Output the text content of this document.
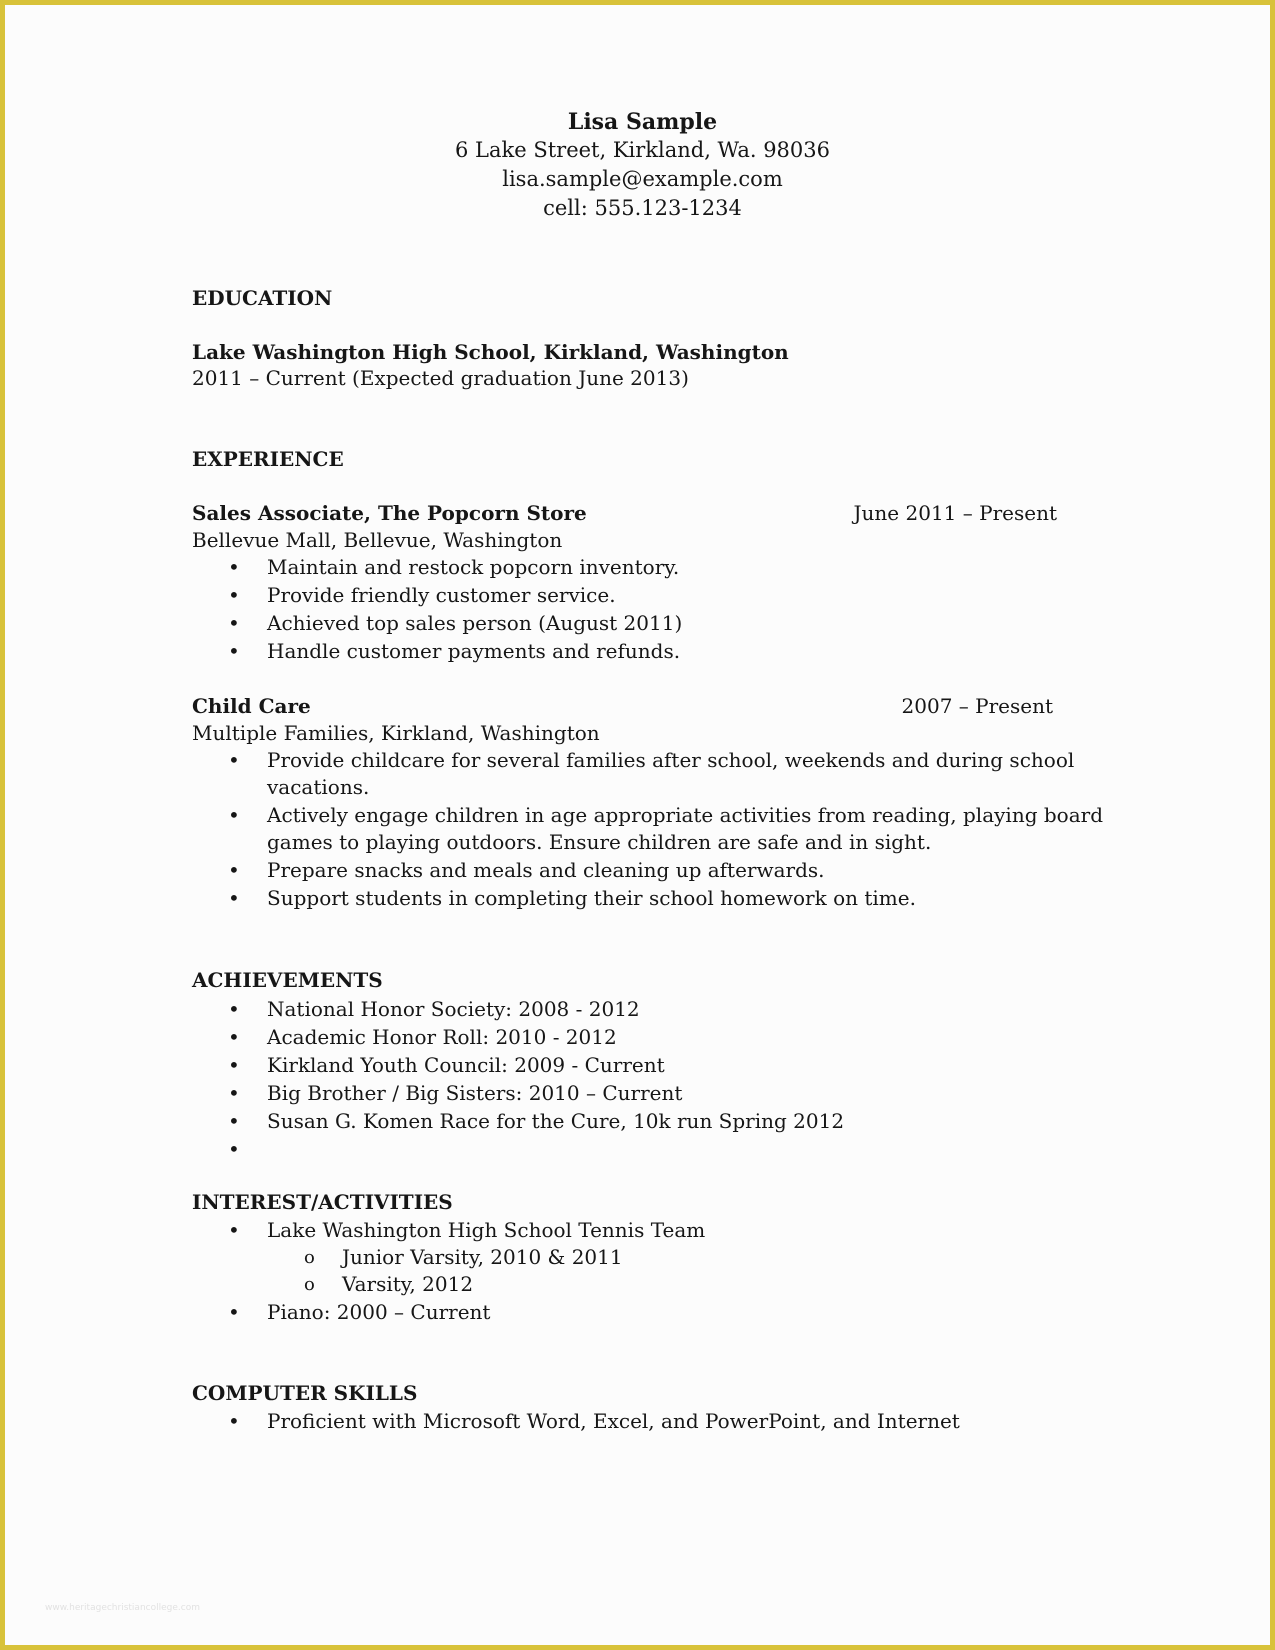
Lisa Sample
6 Lake Street, Kirkland, Wa. 98036
lisa.sample@example.com
cell: 555.123-1234
EDUCATION
Lake Washington High School, Kirkland, Washington
2011 – Current (Expected graduation June 2013)
EXPERIENCE
Sales Associate, The Popcorn Store	June 2011 – Present
Bellevue Mall, Bellevue, Washington
• Maintain and restock popcorn inventory.
• Provide friendly customer service.
• Achieved top sales person (August 2011)
• Handle customer payments and refunds.
Child Care	2007 – Present
Multiple Families, Kirkland, Washington
• Provide childcare for several families after school, weekends and during school
vacations.
• Actively engage children in age appropriate activities from reading, playing board
games to playing outdoors. Ensure children are safe and in sight.
• Prepare snacks and meals and cleaning up afterwards.
• Support students in completing their school homework on time.
ACHIEVEMENTS
• National Honor Society: 2008 - 2012
• Academic Honor Roll: 2010 - 2012
• Kirkland Youth Council: 2009 - Current
• Big Brother / Big Sisters: 2010 – Current
• Susan G. Komen Race for the Cure, 10k run Spring 2012
•
INTEREST/ACTIVITIES
• Lake Washington High School Tennis Team
o Junior Varsity, 2010 & 2011
o Varsity, 2012
• Piano: 2000 – Current
COMPUTER SKILLS
• Proficient with Microsoft Word, Excel, and PowerPoint, and Internet
www.heritagechristiancollege.com
